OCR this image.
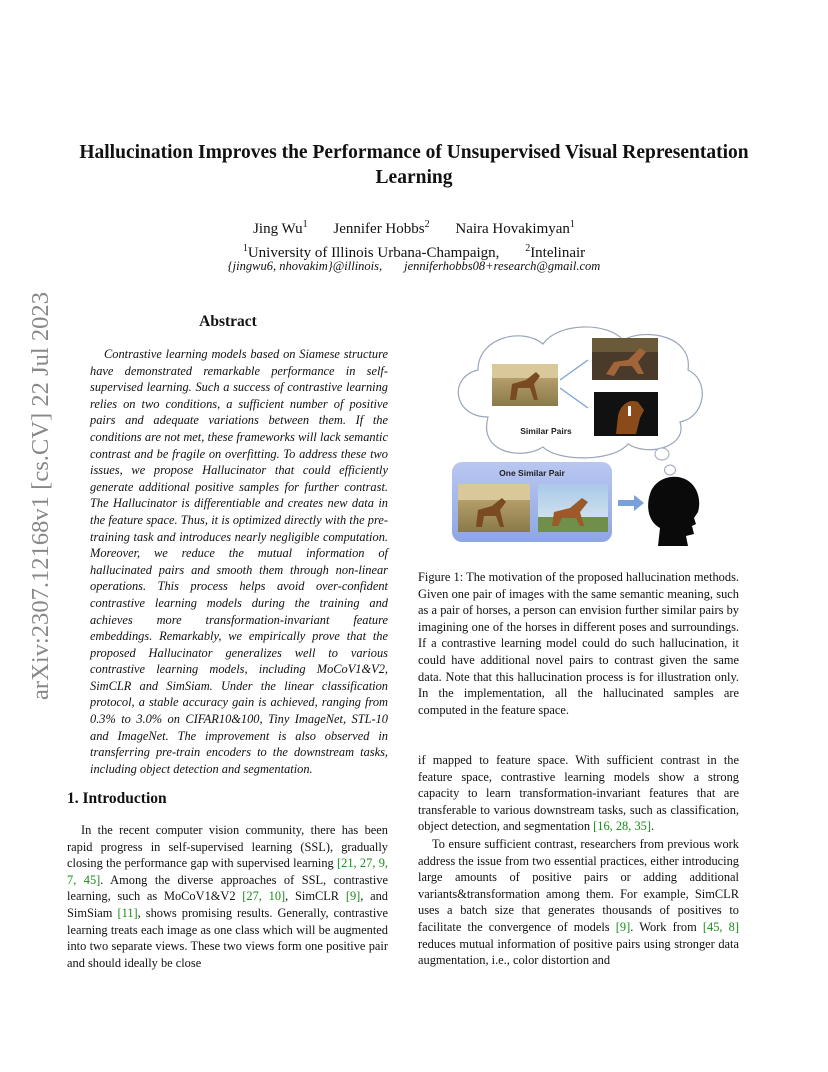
arXiv:2307.12168v1 [cs.CV] 22 Jul 2023
Hallucination Improves the Performance of Unsupervised Visual Representation Learning
Jing Wu$^1$ Jennifer Hobbs$^2$ Naira Hovakimyan$^1$
$^1$University of Illinois Urbana-Champaign,	$^2$Intelinair
{jingwu6, nhovakim}@illinois, jenniferhobbs08+research@gmail.com
Abstract

Contrastive learning models based on Siamese structure have demonstrated remarkable performance in self-supervised learning. Such a success of contrastive learning relies on two conditions, a sufficient number of positive pairs and adequate variations between them. If the conditions are not met, these frameworks will lack semantic contrast and be fragile on overfitting. To address these two issues, we propose Hallucinator that could efficiently generate additional positive samples for further contrast. The Hallucinator is differentiable and creates new data in the feature space. Thus, it is optimized directly with the pre-training task and introduces nearly negligible computation. Moreover, we reduce the mutual information of hallucinated pairs and smooth them through non-linear operations. This process helps avoid over-confident contrastive learning models during the training and achieves more transformation-invariant feature embeddings. Remarkably, we empirically prove that the proposed Hallucinator generalizes well to various contrastive learning models, including MoCoV1&V2, SimCLR and SimSiam. Under the linear classification protocol, a stable accuracy gain is achieved, ranging from 0.3% to 3.0% on CIFAR10&100, Tiny ImageNet, STL-10 and ImageNet. The improvement is also observed in transferring pre-train encoders to the downstream tasks, including object detection and segmentation.

1. Introduction

In the recent computer vision community, there has been rapid progress in self-supervised learning (SSL), gradually closing the performance gap with supervised learning [21, 27, 9, 7, 45]. Among the diverse approaches of SSL, contrastive learning, such as MoCoV1&V2 [27, 10], SimCLR [9], and SimSiam [11], shows promising results. Generally, contrastive learning treats each image as one class which will be augmented into two separate views. These two views form one positive pair and should ideally be close

Similar Pairs
One Similar Pair

Figure 1: The motivation of the proposed hallucination methods. Given one pair of images with the same semantic meaning, such as a pair of horses, a person can envision further similar pairs by imagining one of the horses in different poses and surroundings. If a contrastive learning model could do such hallucination, it could have additional novel pairs to contrast given the same data. Note that this hallucination process is for illustration only. In the implementation, all the hallucinated samples are computed in the feature space.

if mapped to feature space. With sufficient contrast in the feature space, contrastive learning models show a strong capacity to learn transformation-invariant features that are transferable to various downstream tasks, such as classification, object detection, and segmentation [16, 28, 35].

To ensure sufficient contrast, researchers from previous work address the issue from two essential practices, either introducing large amounts of positive pairs or adding additional variants&transformation among them. For example, SimCLR uses a batch size that generates thousands of positives to facilitate the convergence of models [9]. Work from [45, 8] reduces mutual information of positive pairs using stronger data augmentation, i.e., color distortion and
